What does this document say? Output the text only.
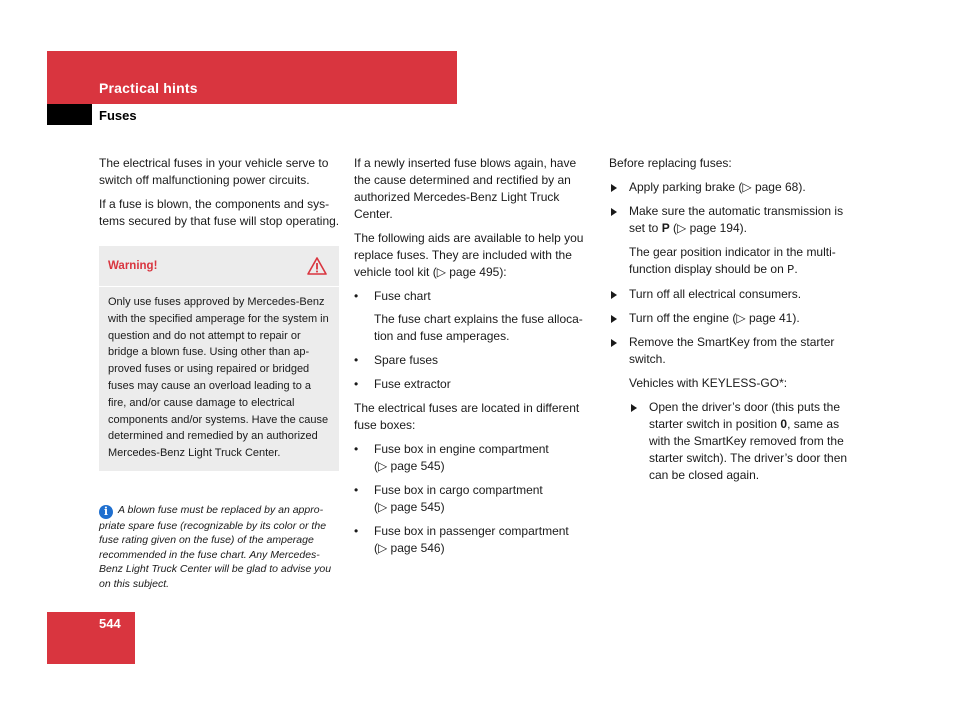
Practical hints
Fuses

The electrical fuses in your vehicle serve to switch off malfunctioning power circuits.

If a fuse is blown, the components and systems secured by that fuse will stop operating.

Warning!
Only use fuses approved by Mercedes-Benz with the specified amperage for the system in question and do not attempt to repair or bridge a blown fuse. Using other than approved fuses or using repaired or bridged fuses may cause an overload leading to a fire, and/or cause damage to electrical components and/or systems. Have the cause determined and remedied by an authorized Mercedes-Benz Light Truck Center.
i A blown fuse must be replaced by an appropriate spare fuse (recognizable by its color or the fuse rating given on the fuse) of the amperage recommended in the fuse chart. Any Mercedes-Benz Light Truck Center will be glad to advise you on this subject.

If a newly inserted fuse blows again, have the cause determined and rectified by an authorized Mercedes-Benz Light Truck Center.

The following aids are available to help you replace fuses. They are included with the vehicle tool kit (▷ page 495):

• Fuse chart
The fuse chart explains the fuse allocation and fuse amperages.
• Spare fuses
• Fuse extractor

The electrical fuses are located in different fuse boxes:

• Fuse box in engine compartment
(▷ page 545)
• Fuse box in cargo compartment
(▷ page 545)
• Fuse box in passenger compartment
(▷ page 546)

Before replacing fuses:

Apply parking brake (▷ page 68).
Make sure the automatic transmission is set to P (▷ page 194).

The gear position indicator in the multifunction display should be on P.

Turn off all electrical consumers.
Turn off the engine (▷ page 41).
Remove the SmartKey from the starter switch.

Vehicles with KEYLESS-GO*:

Open the driver’s door (this puts the starter switch in position 0, same as with the SmartKey removed from the starter switch). The driver’s door then can be closed again.
544
